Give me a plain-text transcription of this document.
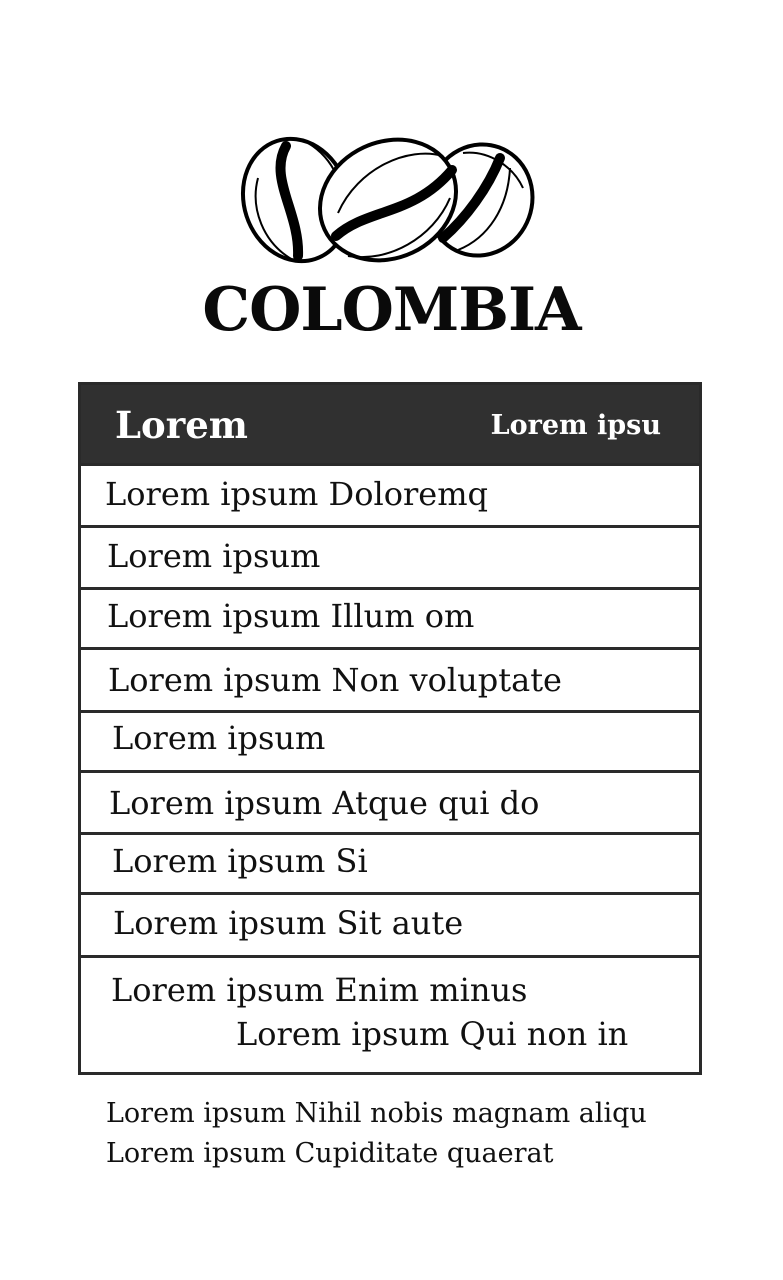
COLOMBIA
Lorem	Lorem ipsu
Lorem ipsum Doloremq
Lorem ipsum
Lorem ipsum Illum om
Lorem ipsum Non voluptate
Lorem ipsum
Lorem ipsum Atque qui do
Lorem ipsum Si
Lorem ipsum Sit aute
Lorem ipsum Enim minus
Lorem ipsum Qui non in
Lorem ipsum Nihil nobis magnam aliqu
Lorem ipsum Cupiditate quaerat
